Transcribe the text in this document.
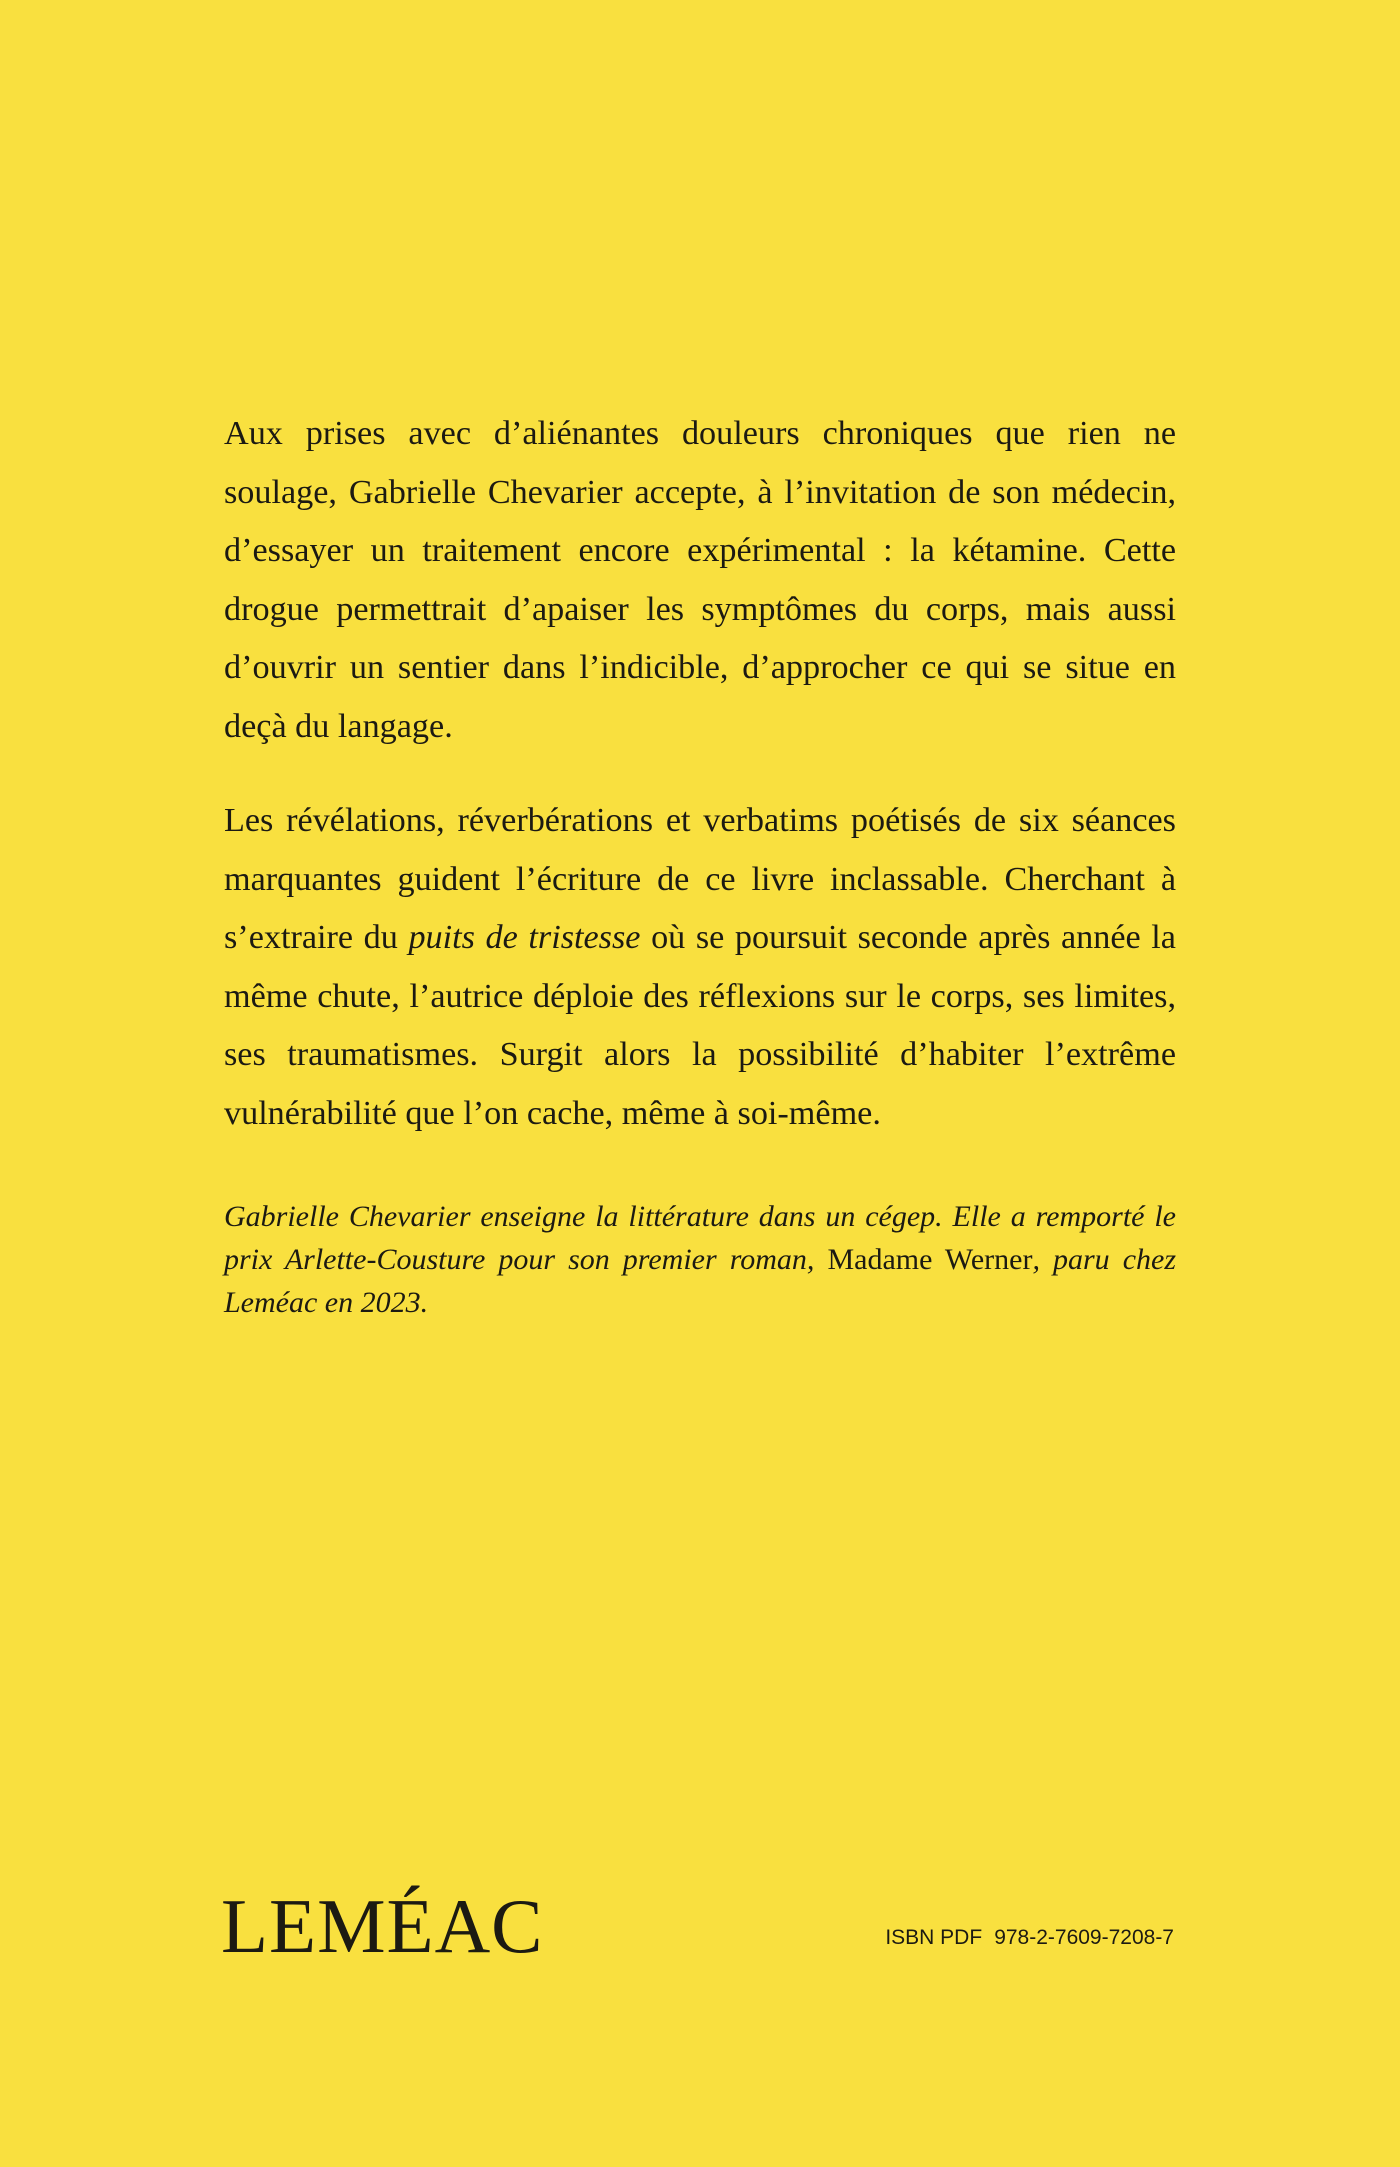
Aux prises avec d’aliénantes douleurs chroniques que rien ne soulage, Gabrielle Chevarier accepte, à l’invitation de son médecin, d’essayer un traitement encore expérimental : la kétamine. Cette drogue permettrait d’apaiser les symptômes du corps, mais aussi d’ouvrir un sentier dans l’indicible, d’approcher ce qui se situe en deçà du langage.

Les révélations, réverbérations et verbatims poétisés de six séances marquantes guident l’écriture de ce livre inclassable. Cherchant à s’extraire du puits de tristesse où se poursuit seconde après année la même chute, l’autrice déploie des réflexions sur le corps, ses limites, ses traumatismes. Surgit alors la possibilité d’habiter l’extrême vulnérabilité que l’on cache, même à soi-même.

Gabrielle Chevarier enseigne la littérature dans un cégep. Elle a remporté le prix Arlette-Cousture pour son premier roman, Madame Werner, paru chez Leméac en 2023.

LEMÉAC	ISBN PDF 978-2-7609-7208-7
